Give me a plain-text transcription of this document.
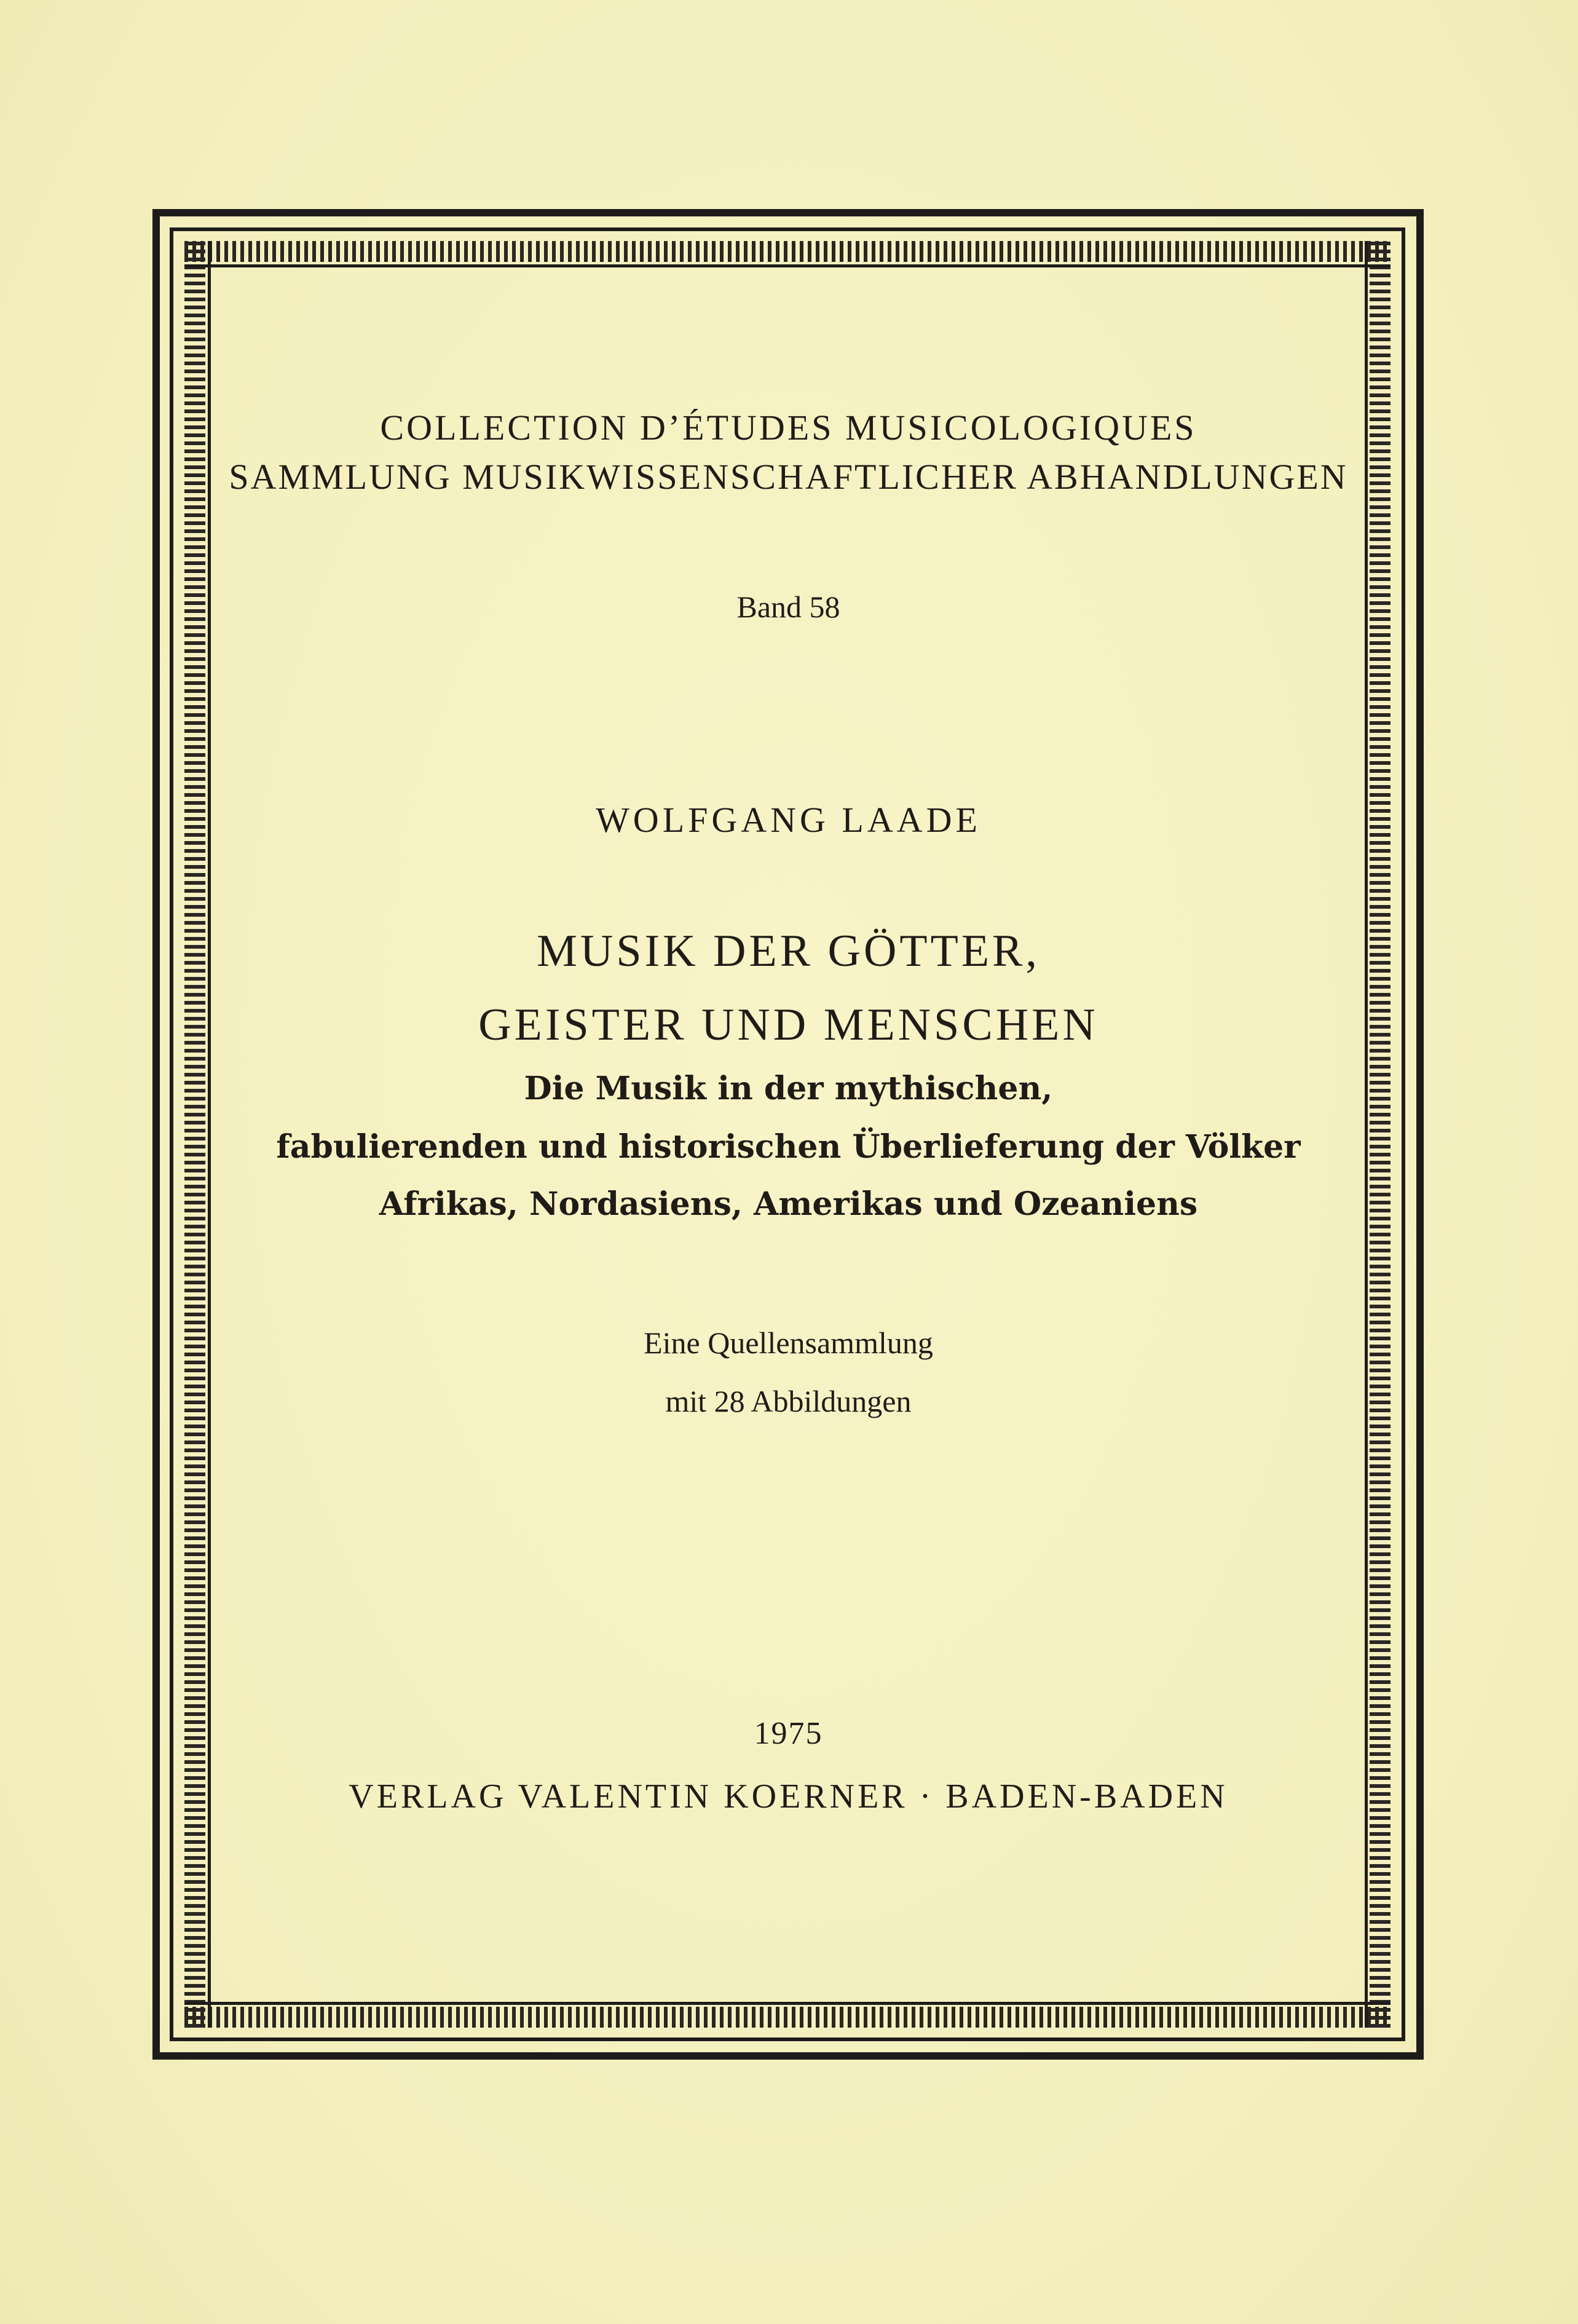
COLLECTION D’ÉTUDES MUSICOLOGIQUES
SAMMLUNG MUSIKWISSENSCHAFTLICHER ABHANDLUNGEN
Band 58
WOLFGANG LAADE
MUSIK DER GÖTTER,
GEISTER UND MENSCHEN
Die Musik in der mythischen,
fabulierenden und historischen Überlieferung der Völker
Afrikas, Nordasiens, Amerikas und Ozeaniens
Eine Quellensammlung
mit 28 Abbildungen
1975
VERLAG VALENTIN KOERNER · BADEN-BADEN
